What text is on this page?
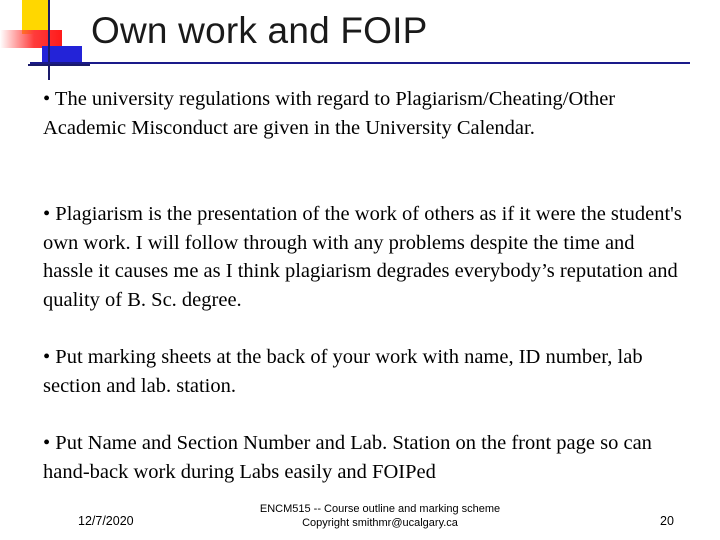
Own work and FOIP

• The university regulations with regard to Plagiarism/Cheating/Other Academic Misconduct are given in the University Calendar.

• Plagiarism is the presentation of the work of others as if it were the student's own work. I will follow through with any problems despite the time and hassle it causes me as I think plagiarism degrades everybody’s reputation and quality of B. Sc. degree.

• Put marking sheets at the back of your work with name, ID number, lab section and lab. station.

• Put Name and Section Number and Lab. Station on the front page so can hand-back work during Labs easily and FOIPed

12/7/2020
ENCM515 -- Course outline and marking scheme
Copyright smithmr@ucalgary.ca	20
